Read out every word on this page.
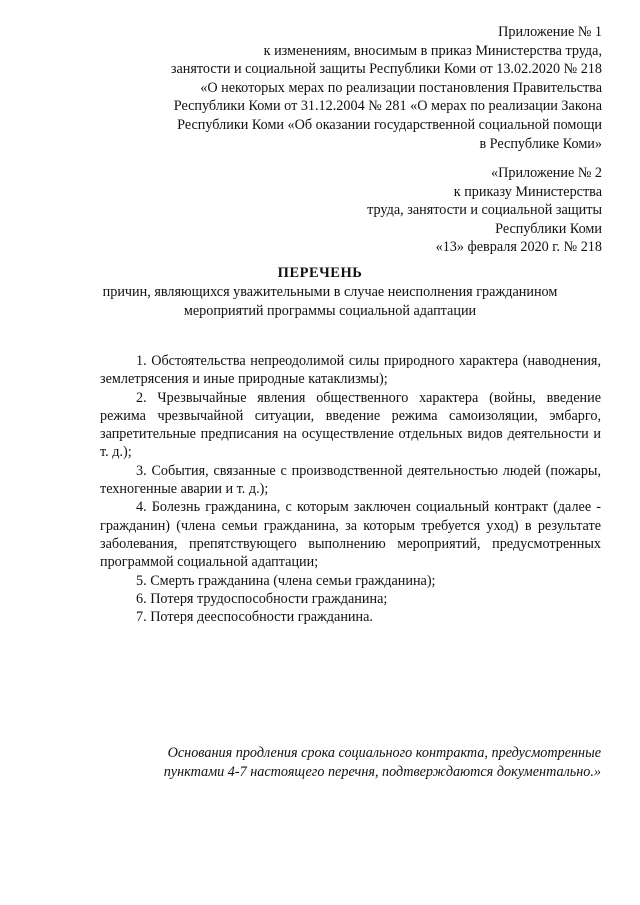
Приложение № 1
к изменениям, вносимым в приказ Министерства труда,
занятости и социальной защиты Республики Коми от 13.02.2020 № 218
«О некоторых мерах по реализации постановления Правительства
Республики Коми от 31.12.2004 № 281 «О мерах по реализации Закона
Республики Коми «Об оказании государственной социальной помощи
в Республике Коми»
«Приложение № 2
к приказу Министерства
труда, занятости и социальной защиты
Республики Коми
«13» февраля 2020 г. № 218
ПЕРЕЧЕНЬ
причин, являющихся уважительными в случае неисполнения гражданином
мероприятий программы социальной адаптации
1. Обстоятельства непреодолимой силы природного характера (наводнения, землетрясения и иные природные катаклизмы);
2. Чрезвычайные явления общественного характера (войны, введение режима чрезвычайной ситуации, введение режима самоизоляции, эмбарго, запретительные предписания на осуществление отдельных видов деятельности и т. д.);
3. События, связанные с производственной деятельностью людей (пожары, техногенные аварии и т. д.);
4. Болезнь гражданина, с которым заключен социальный контракт (далее - гражданин) (члена семьи гражданина, за которым требуется уход) в результате заболевания, препятствующего выполнению мероприятий, предусмотренных программой социальной адаптации;
5. Смерть гражданина (члена семьи гражданина);
6. Потеря трудоспособности гражданина;
7. Потеря дееспособности гражданина.
Основания продления срока социального контракта, предусмотренные
пунктами 4-7 настоящего перечня, подтверждаются документально.»
